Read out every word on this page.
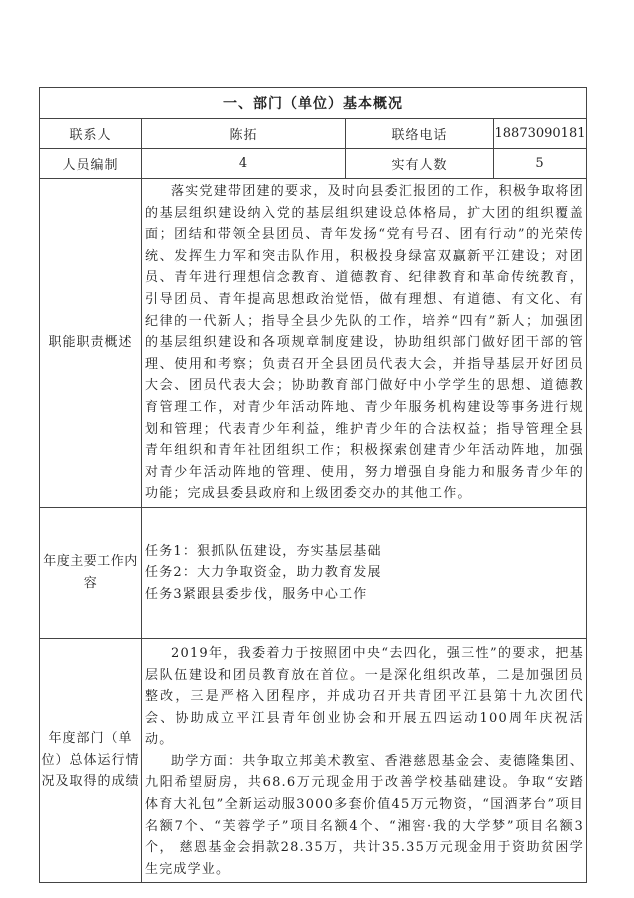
一、部门（单位）基本概况			
联系人	陈拓	联络电话	18873090181
人员编制	4	实有人数	5
职能职责概述	落实党建带团建的要求，及时向县委汇报团的工作，积极争取将团的基层组织建设纳入党的基层组织建设总体格局，扩大团的组织覆盖面；团结和带领全县团员、青年发扬“党有号召、团有行动”的光荣传统、发挥生力军和突击队作用，积极投身绿富双赢新平江建设；对团员、青年进行理想信念教育、道德教育、纪律教育和革命传统教育，引导团员、青年提高思想政治觉悟，做有理想、有道德、有文化、有纪律的一代新人；指导全县少先队的工作，培养“四有”新人；加强团的基层组织建设和各项规章制度建设，协助组织部门做好团干部的管理、使用和考察；负责召开全县团员代表大会，并指导基层开好团员大会、团员代表大会；协助教育部门做好中小学学生的思想、道德教育管理工作，对青少年活动阵地、青少年服务机构建设等事务进行规划和管理；代表青少年利益，维护青少年的合法权益；指导管理全县青年组织和青年社团组织工作；积极探索创建青少年活动阵地，加强对青少年活动阵地的管理、使用，努力增强自身能力和服务青少年的功能；完成县委县政府和上级团委交办的其他工作。		

年度主要工作内容	任务1：狠抓队伍建设，夯实基层基础

任务2：大力争取资金，助力教育发展

任务3紧跟县委步伐，服务中心工作		

年度部门（单位）总体运行情况及取得的成绩	2019年，我委着力于按照团中央“去四化，强三性”的要求，把基层队伍建设和团员教育放在首位。一是深化组织改革，二是加强团员整改，三是严格入团程序，并成功召开共青团平江县第十九次团代会、协助成立平江县青年创业协会和开展五四运动100周年庆祝活动。

助学方面：共争取立邦美术教室、香港慈恩基金会、麦德隆集团、九阳希望厨房，共68.6万元现金用于改善学校基础建设。争取“安踏体育大礼包”全新运动服3000多套价值45万元物资，“国酒茅台”项目名额7个、“芙蓉学子”项目名额4个、“湘窖·我的大学梦”项目名额3个， 慈恩基金会捐款28.35万，共计35.35万元现金用于资助贫困学生完成学业。		
